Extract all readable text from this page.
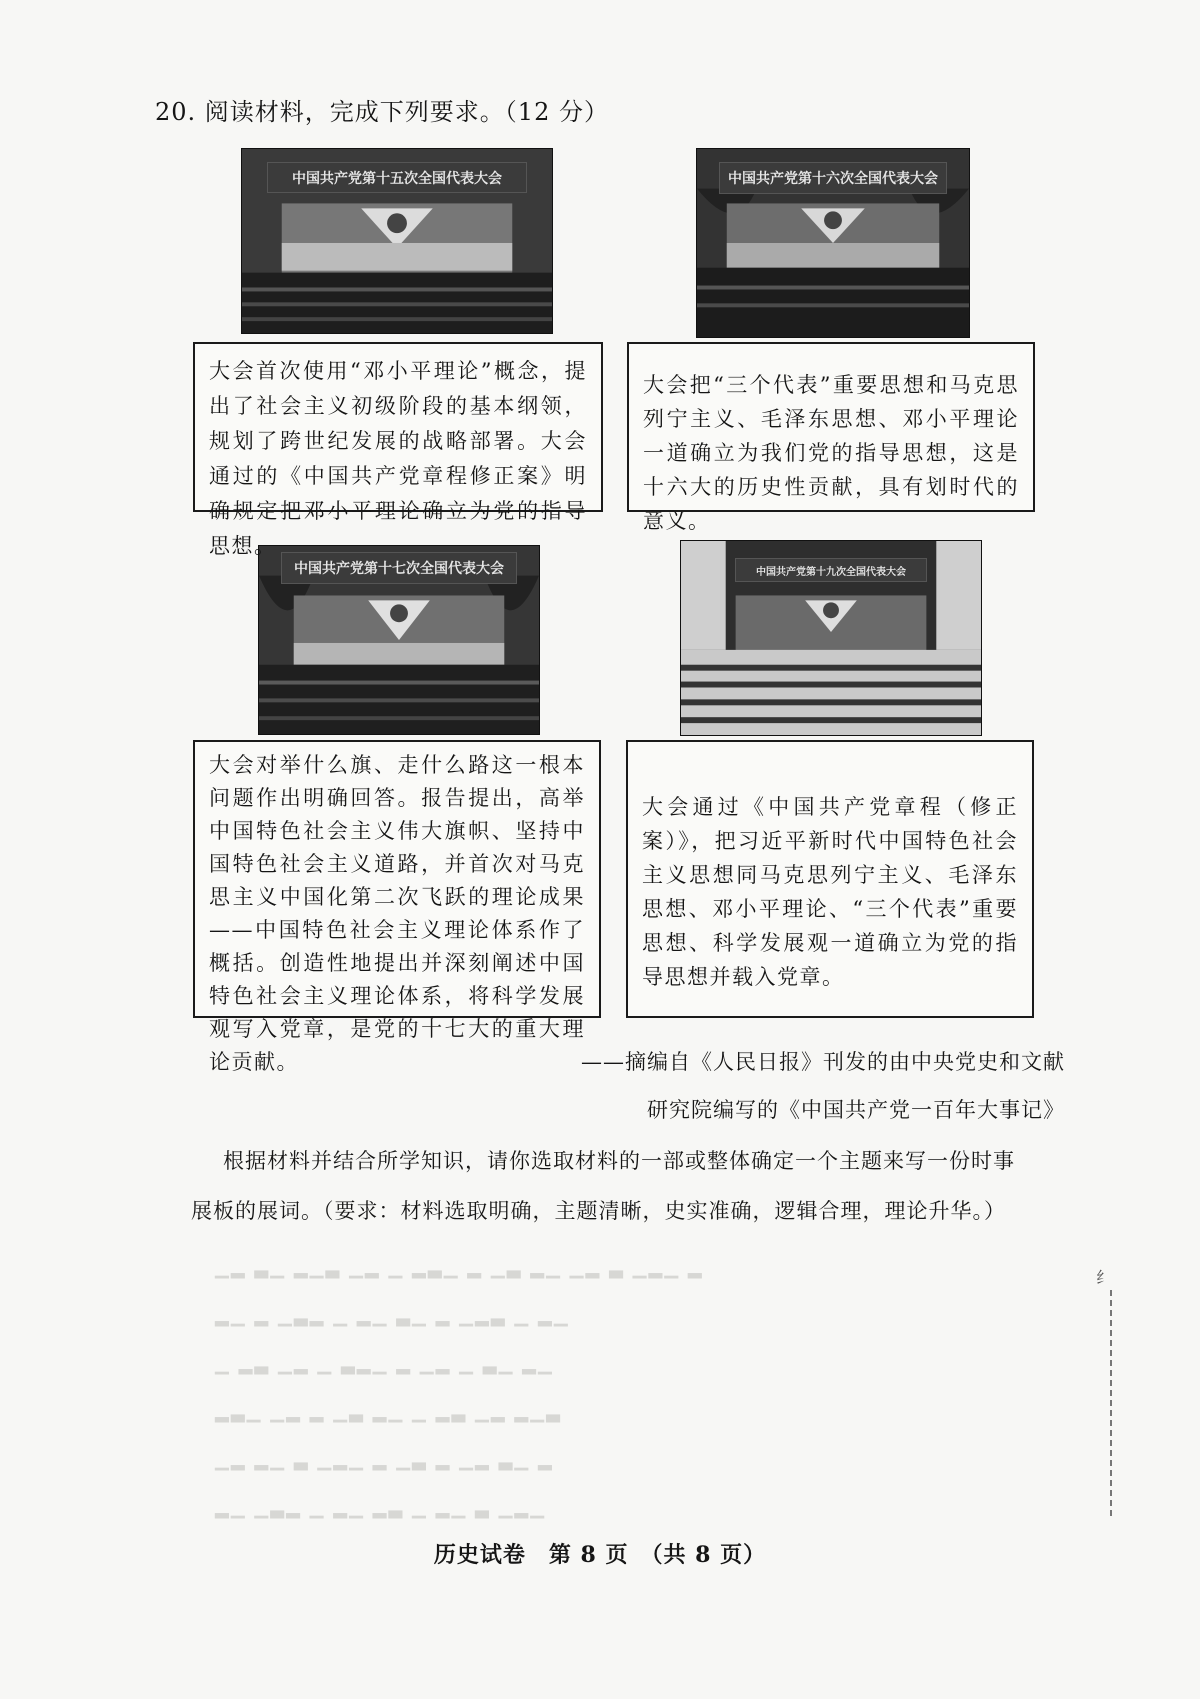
20. 阅读材料，完成下列要求。（12 分）
中国共产党第十五次全国代表大会	中国共产党第十六次全国代表大会
中国共产党第十七次全国代表大会	中国共产党第十九次全国代表大会
大会首次使用“邓小平理论”概念，提出了社会主义初级阶段的基本纲领，规划了跨世纪发展的战略部署。大会通过的《中国共产党章程修正案》明确规定把邓小平理论确立为党的指导思想。
大会把“三个代表”重要思想和马克思列宁主义、毛泽东思想、邓小平理论一道确立为我们党的指导思想，这是十六大的历史性贡献，具有划时代的意义。
大会对举什么旗、走什么路这一根本问题作出明确回答。报告提出，高举中国特色社会主义伟大旗帜、坚持中国特色社会主义道路，并首次对马克思主义中国化第二次飞跃的理论成果——中国特色社会主义理论体系作了概括。创造性地提出并深刻阐述中国特色社会主义理论体系，将科学发展观写入党章，是党的十七大的重大理论贡献。
大会通过《中国共产党章程（修正案）》，把习近平新时代中国特色社会主义思想同马克思列宁主义、毛泽东思想、邓小平理论、“三个代表”重要思想、科学发展观一道确立为党的指导思想并载入党章。
——摘编自《人民日报》刊发的由中央党史和文献
研究院编写的《中国共产党一百年大事记》
根据材料并结合所学知识，请你选取材料的一部或整体确定一个主题来写一份时事
展板的展词。（要求：材料选取明确，主题清晰，史实准确，逻辑合理，理论升华。）
▁▂ ▃▁ ▂▁▃ ▁▂ ▁ ▂▃▁ ▂ ▁▃ ▂▁ ▁▂ ▃ ▁▂▁ ▂
▂▁ ▂ ▁▃▂ ▁ ▂▁ ▃▁ ▂ ▁▂▃ ▁ ▂▁
▁ ▂▃ ▁▂ ▁ ▃▂▁ ▂ ▁▂ ▁ ▃▁ ▂▁
▂▃▁ ▁▂ ▂ ▁▃ ▂▁ ▁ ▂▃ ▁▂ ▂▁▃
▁▂ ▂▁ ▃ ▁▂▁ ▂ ▁▃ ▂ ▁▂ ▃▁ ▂
▂▁ ▁▃▂ ▁ ▂▁ ▂▃ ▁ ▂▁ ▃ ▁▂▁
历史试卷　第 8 页　（共 8 页）
纟
